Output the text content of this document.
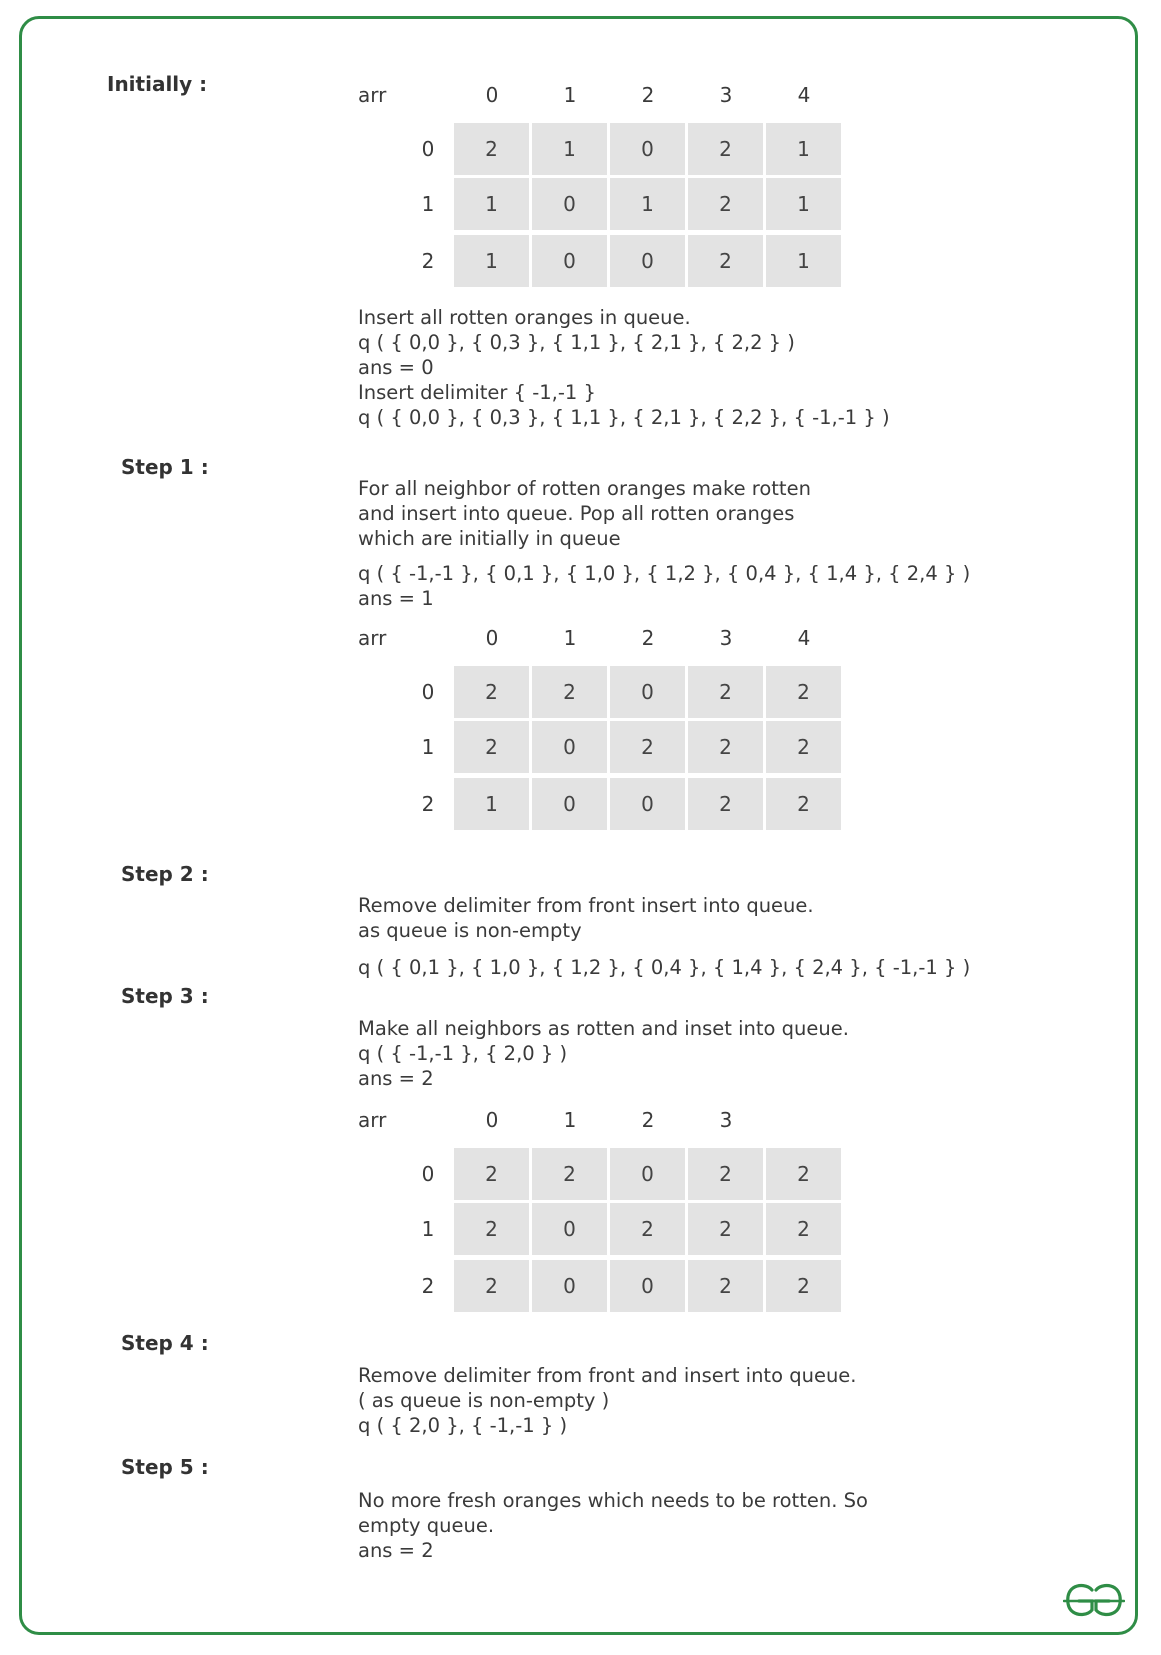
Initially :
Step 1 :
Step 2 :
Step 3 :
Step 4 :
Step 5 :
arr	0	1	2	3	4
0	2	1	0	2	1
1	1	0	1	2	1
2	1	0	0	2	1
Insert all rotten oranges in queue.
q ( { 0,0 }, { 0,3 }, { 1,1 }, { 2,1 }, { 2,2 } )
ans = 0
Insert delimiter { -1,-1 }
q ( { 0,0 }, { 0,3 }, { 1,1 }, { 2,1 }, { 2,2 }, { -1,-1 } )
For all neighbor of rotten oranges make rotten
and insert into queue. Pop all rotten oranges
which are initially in queue
q ( { -1,-1 }, { 0,1 }, { 1,0 }, { 1,2 }, { 0,4 }, { 1,4 }, { 2,4 } )
ans = 1
arr	0	1	2	3	4
0	2	2	0	2	2
1	2	0	2	2	2
2	1	0	0	2	2
Remove delimiter from front insert into queue.
as queue is non-empty
q ( { 0,1 }, { 1,0 }, { 1,2 }, { 0,4 }, { 1,4 }, { 2,4 }, { -1,-1 } )
Make all neighbors as rotten and inset into queue.
q ( { -1,-1 }, { 2,0 } )
ans = 2
arr	0	1	2	3
0	2	2	0	2	2
1	2	0	2	2	2
2	2	0	0	2	2
Remove delimiter from front and insert into queue.
( as queue is non-empty )
q ( { 2,0 }, { -1,-1 } )
No more fresh oranges which needs to be rotten. So
empty queue.
ans = 2
